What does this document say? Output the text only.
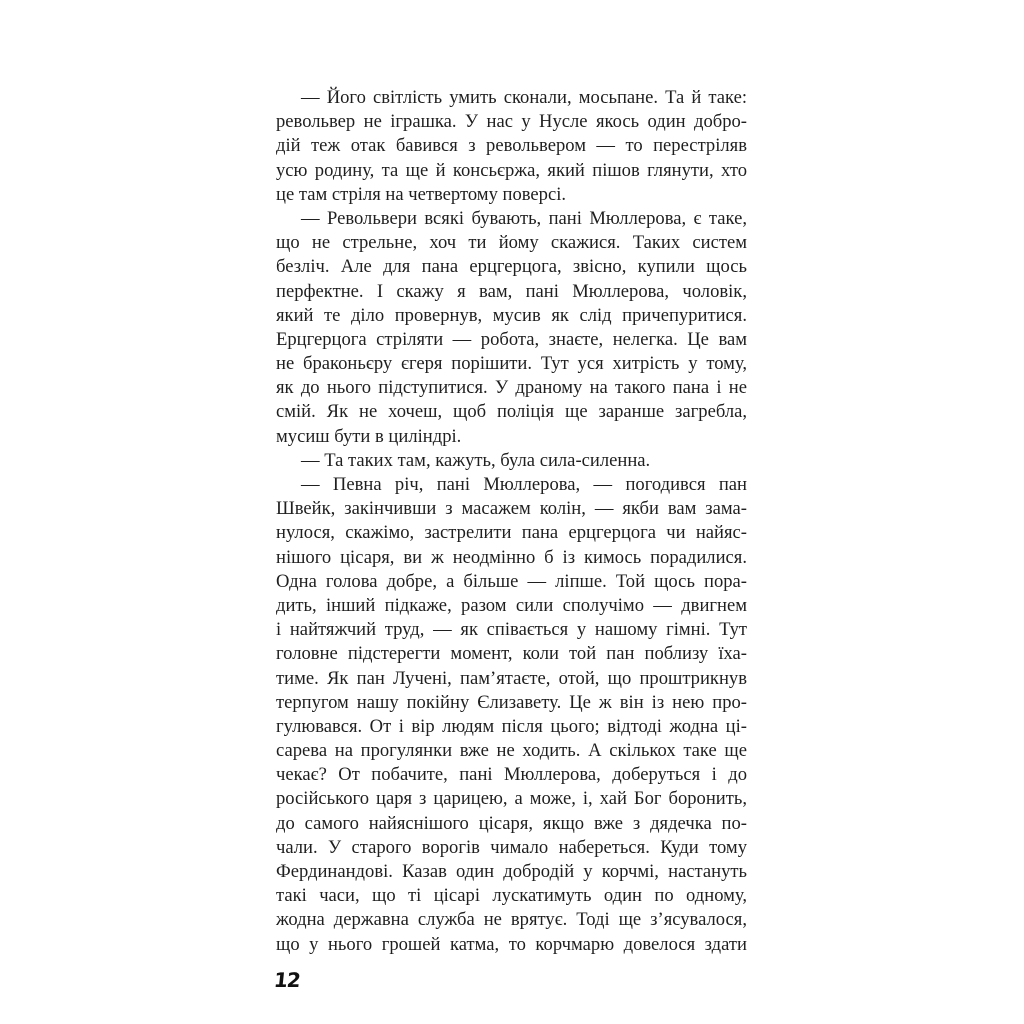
— Його світлість умить сконали, мосьпане. Та й таке:
револьвер не іграшка. У нас у Нусле якось один добро-
дій теж отак бавився з револьвером — то перестріляв
усю родину, та ще й консьєржа, який пішов глянути, хто
це там стріля на четвертому поверсі.
— Револьвери всякі бувають, пані Мюллерова, є таке,
що не стрельне, хоч ти йому скажися. Таких систем
безліч. Але для пана ерцгерцога, звісно, купили щось
перфектне. І скажу я вам, пані Мюллерова, чоловік,
який те діло провернув, мусив як слід причепуритися.
Ерцгерцога стріляти — робота, знаєте, нелегка. Це вам
не браконьєру єгеря порішити. Тут уся хитрість у тому,
як до нього підступитися. У драному на такого пана і не
смій. Як не хочеш, щоб поліція ще заранше загребла,
мусиш бути в циліндрі.
— Та таких там, кажуть, була сила-силенна.
— Певна річ, пані Мюллерова, — погодився пан
Швейк, закінчивши з масажем колін, — якби вам зама-
нулося, скажімо, застрелити пана ерцгерцога чи найяс-
нішого цісаря, ви ж неодмінно б із кимось порадилися.
Одна голова добре, а більше — ліпше. Той щось пора-
дить, інший підкаже, разом сили сполучімо — двигнем
і найтяжчий труд, — як співається у нашому гімні. Тут
головне підстерегти момент, коли той пан поблизу їха-
тиме. Як пан Лучені, пам’ятаєте, отой, що проштрикнув
терпугом нашу покійну Єлизавету. Це ж він із нею про-
гулювався. От і вір людям після цього; відтоді жодна ці-
сарева на прогулянки вже не ходить. А скількох таке ще
чекає? От побачите, пані Мюллерова, доберуться і до
російського царя з царицею, а може, і, хай Бог боронить,
до самого найяснішого цісаря, якщо вже з дядечка по-
чали. У старого ворогів чимало набереться. Куди тому
Фердинандові. Казав один добродій у корчмі, настануть
такі часи, що ті цісарі лускатимуть один по одному,
жодна державна служба не врятує. Тоді ще з’ясувалося,
що у нього грошей катма, то корчмарю довелося здати
12
